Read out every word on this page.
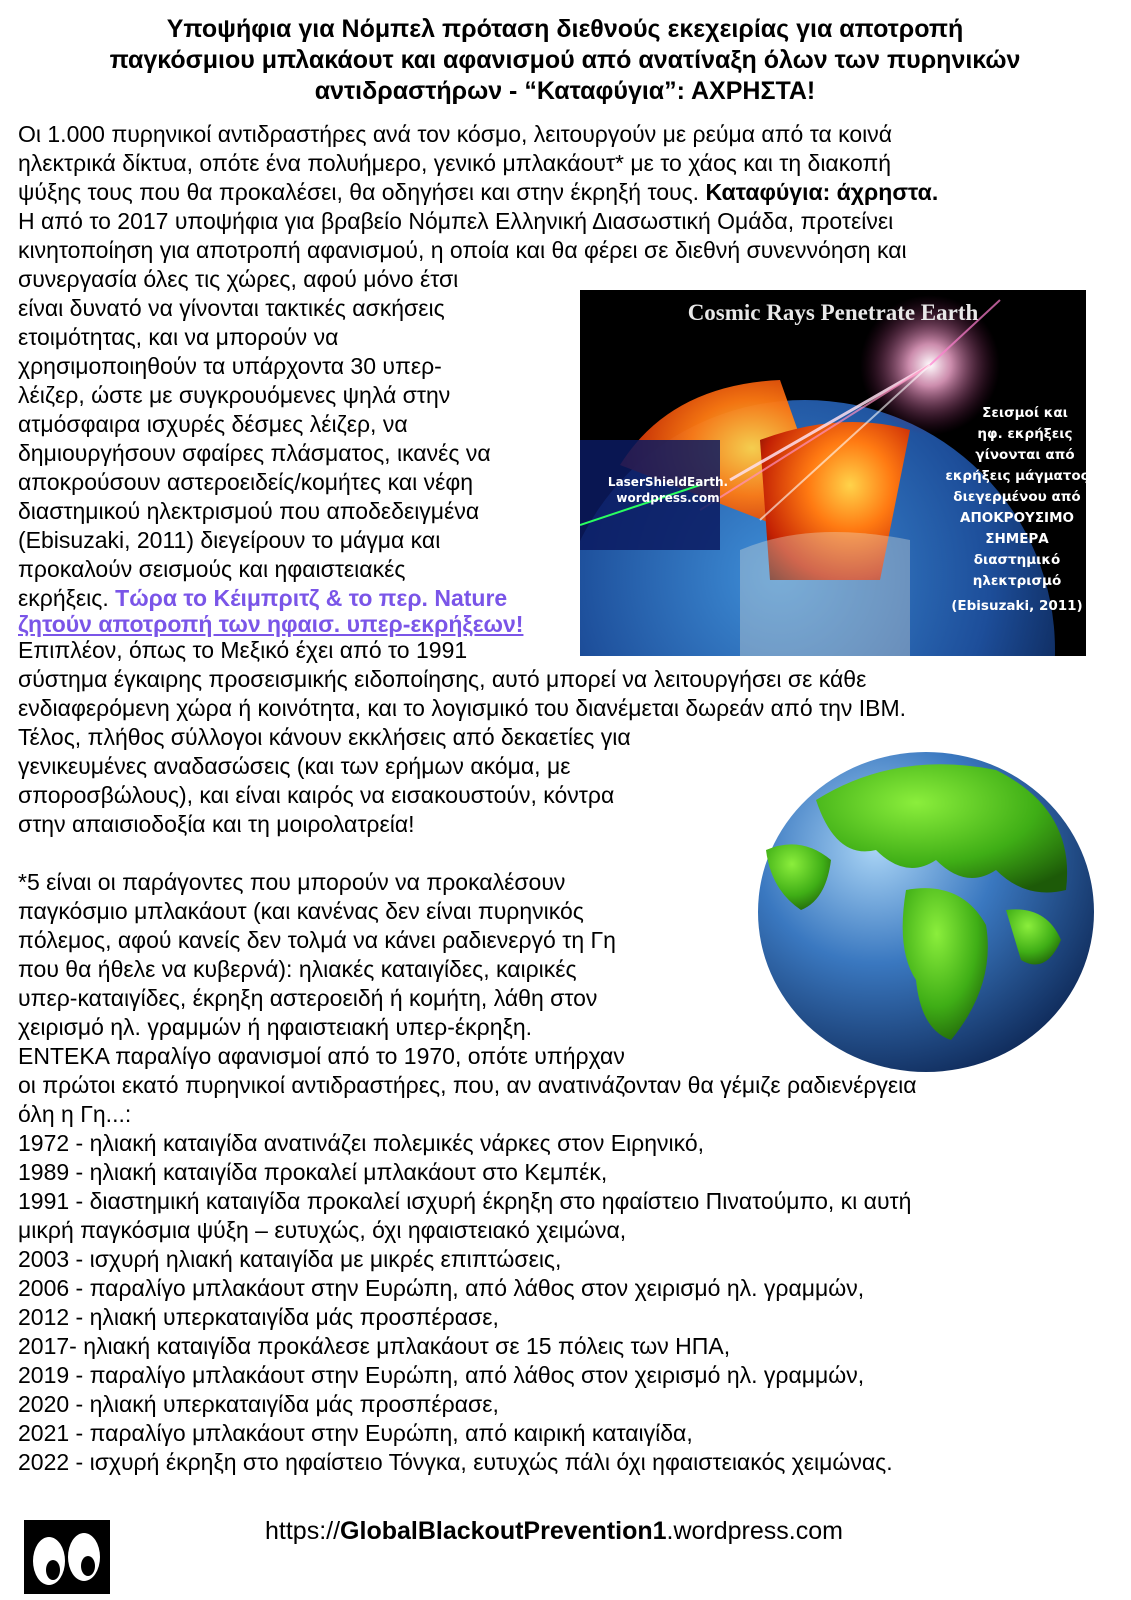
Υποψήφια για Νόμπελ πρόταση διεθνούς εκεχειρίας για αποτροπή
παγκόσμιου μπλακάουτ και αφανισμού από ανατίναξη όλων των πυρηνικών
αντιδραστήρων - “Καταφύγια”: ΑΧΡΗΣΤΑ!
Οι 1.000 πυρηνικοί αντιδραστήρες ανά τον κόσμο, λειτουργούν με ρεύμα από τα κοινά
ηλεκτρικά δίκτυα, οπότε ένα πολυήμερο, γενικό μπλακάουτ* με το χάος και τη διακοπή
ψύξης τους που θα προκαλέσει, θα οδηγήσει και στην έκρηξή τους. Καταφύγια: άχρηστα.
Η από το 2017 υποψήφια για βραβείο Νόμπελ Ελληνική Διασωστική Ομάδα, προτείνει
κινητοποίηση για αποτροπή αφανισμού, η οποία και θα φέρει σε διεθνή συνεννόηση και
συνεργασία όλες τις χώρες, αφού μόνο έτσι
είναι δυνατό να γίνονται τακτικές ασκήσεις
ετοιμότητας, και να μπορούν να
χρησιμοποιηθούν τα υπάρχοντα 30 υπερ-
λέιζερ, ώστε με συγκρουόμενες ψηλά στην
ατμόσφαιρα ισχυρές δέσμες λέιζερ, να
δημιουργήσουν σφαίρες πλάσματος, ικανές να
αποκρούσουν αστεροειδείς/κομήτες και νέφη
διαστημικού ηλεκτρισμού που αποδεδειγμένα
(Ebisuzaki, 2011) διεγείρουν το μάγμα και
προκαλούν σεισμούς και ηφαιστειακές
εκρήξεις. Τώρα το Κέιμπριτζ & το περ. Nature
ζητούν αποτροπή των ηφαισ. υπερ-εκρήξεων!
Επιπλέον, όπως το Μεξικό έχει από το 1991
σύστημα έγκαιρης προσεισμικής ειδοποίησης, αυτό μπορεί να λειτουργήσει σε κάθε
ενδιαφερόμενη χώρα ή κοινότητα, και το λογισμικό του διανέμεται δωρεάν από την IBM.
Τέλος, πλήθος σύλλογοι κάνουν εκκλήσεις από δεκαετίες για
γενικευμένες αναδασώσεις (και των ερήμων ακόμα, με
σποροσβώλους), και είναι καιρός να εισακουστούν, κόντρα
στην απαισιοδοξία και τη μοιρολατρεία!
*5 είναι οι παράγοντες που μπορούν να προκαλέσουν
παγκόσμιο μπλακάουτ (και κανένας δεν είναι πυρηνικός
πόλεμος, αφού κανείς δεν τολμά να κάνει ραδιενεργό τη Γη
που θα ήθελε να κυβερνά): ηλιακές καταιγίδες, καιρικές
υπερ-καταιγίδες, έκρηξη αστεροειδή ή κομήτη, λάθη στον
χειρισμό ηλ. γραμμών ή ηφαιστειακή υπερ-έκρηξη.
ΕΝΤΕΚΑ παραλίγο αφανισμοί από το 1970, οπότε υπήρχαν
οι πρώτοι εκατό πυρηνικοί αντιδραστήρες, που, αν ανατινάζονταν θα γέμιζε ραδιενέργεια
όλη η Γη...:
1972 - ηλιακή καταιγίδα ανατινάζει πολεμικές νάρκες στον Ειρηνικό,
1989 - ηλιακή καταιγίδα προκαλεί μπλακάουτ στο Κεμπέκ,
1991 - διαστημική καταιγίδα προκαλεί ισχυρή έκρηξη στο ηφαίστειο Πινατούμπο, κι αυτή
μικρή παγκόσμια ψύξη – ευτυχώς, όχι ηφαιστειακό χειμώνα,
2003 - ισχυρή ηλιακή καταιγίδα με μικρές επιπτώσεις,
2006 - παραλίγο μπλακάουτ στην Ευρώπη, από λάθος στον χειρισμό ηλ. γραμμών,
2012 - ηλιακή υπερκαταιγίδα μάς προσπέρασε,
2017- ηλιακή καταιγίδα προκάλεσε μπλακάουτ σε 15 πόλεις των ΗΠΑ,
2019 - παραλίγο μπλακάουτ στην Ευρώπη, από λάθος στον χειρισμό ηλ. γραμμών,
2020 - ηλιακή υπερκαταιγίδα μάς προσπέρασε,
2021 - παραλίγο μπλακάουτ στην Ευρώπη, από καιρική καταιγίδα,
2022 - ισχυρή έκρηξη στο ηφαίστειο Τόνγκα, ευτυχώς πάλι όχι ηφαιστειακός χειμώνας.
Cosmic Rays Penetrate Earth
LaserShieldEarth.
wordpress.com
Σεισμοί και
ηφ. εκρήξεις
γίνονται από
εκρήξεις μάγματος
διεγερμένου από
ΑΠΟΚΡΟΥΣΙΜΟ
ΣΗΜΕΡΑ
διαστημικό
ηλεκτρισμό
(Ebisuzaki, 2011)
https://GlobalBlackoutPrevention1.wordpress.com
